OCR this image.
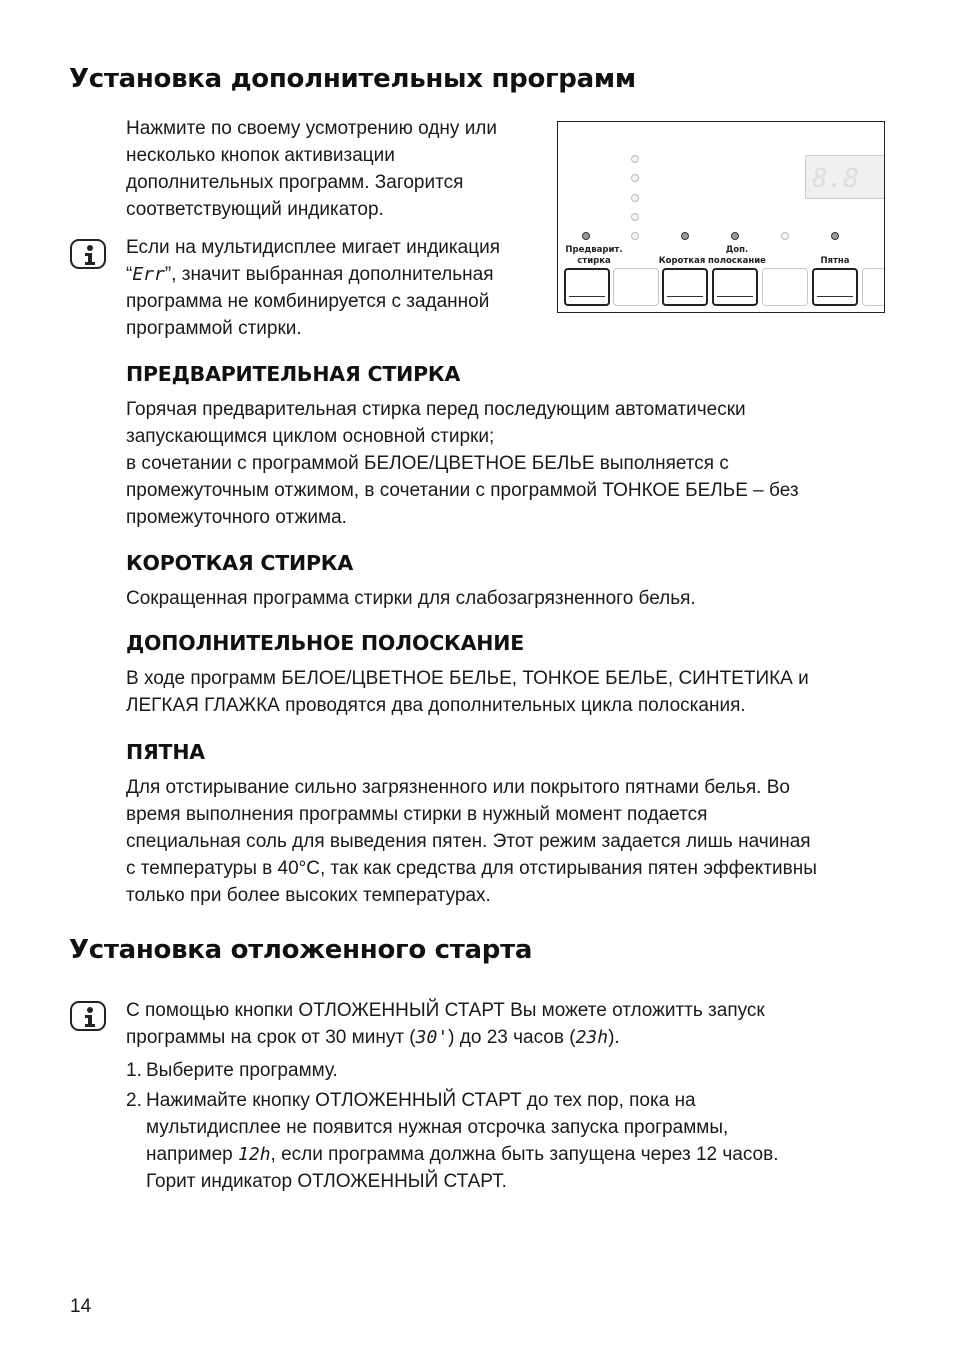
Установка дополнительных программ
Нажмите по своему усмотрению одну или
несколько кнопок активизации
дополнительных программ. Загорится
соответствующий индикатор.
Если на мультидисплее мигает индикация
“Err”, значит выбранная дополнительная
программа не комбинируется с заданной
программой стирки.
8.8
Предварит.
стирка	Короткая
Доп.
полоскание	Пятна
ПРЕДВАРИТЕЛЬНАЯ СТИРКА
Горячая предварительная стирка перед последующим автоматически
запускающимся циклом основной стирки;
в сочетании с программой БЕЛОЕ/ЦВЕТНОЕ БЕЛЬЕ выполняется с
промежуточным отжимом, в сочетании с программой ТОНКОЕ БЕЛЬЕ – без
промежуточного отжима.
КОРОТКАЯ СТИРКА
Сокращенная программа стирки для слабозагрязненного белья.
ДОПОЛНИТЕЛЬНОЕ ПОЛОСКАНИЕ
В ходе программ БЕЛОЕ/ЦВЕТНОЕ БЕЛЬЕ, ТОНКОЕ БЕЛЬЕ, СИНТЕТИКА и
ЛЕГКАЯ ГЛАЖКА проводятся два дополнительных цикла полоскания.
ПЯТНА
Для отстирывание сильно загрязненного или покрытого пятнами белья. Во
время выполнения программы стирки в нужный момент подается
специальная соль для выведения пятен. Этот режим задается лишь начиная
с температуры в 40°С, так как средства для отстирывания пятен эффективны
только при более высоких температурах.
Установка отложенного старта
С помощью кнопки ОТЛОЖЕННЫЙ СТАРТ Вы можете отложитть запуск
программы на срок от 30 минут (30') до 23 часов (23h).
1. Выберите программу.
2. Нажимайте кнопку ОТЛОЖЕННЫЙ СТАРТ до тех пор, пока на
мультидисплее не появится нужная отсрочка запуска программы,
например 12h, если программа должна быть запущена через 12 часов.
Горит индикатор ОТЛОЖЕННЫЙ СТАРТ.
14
